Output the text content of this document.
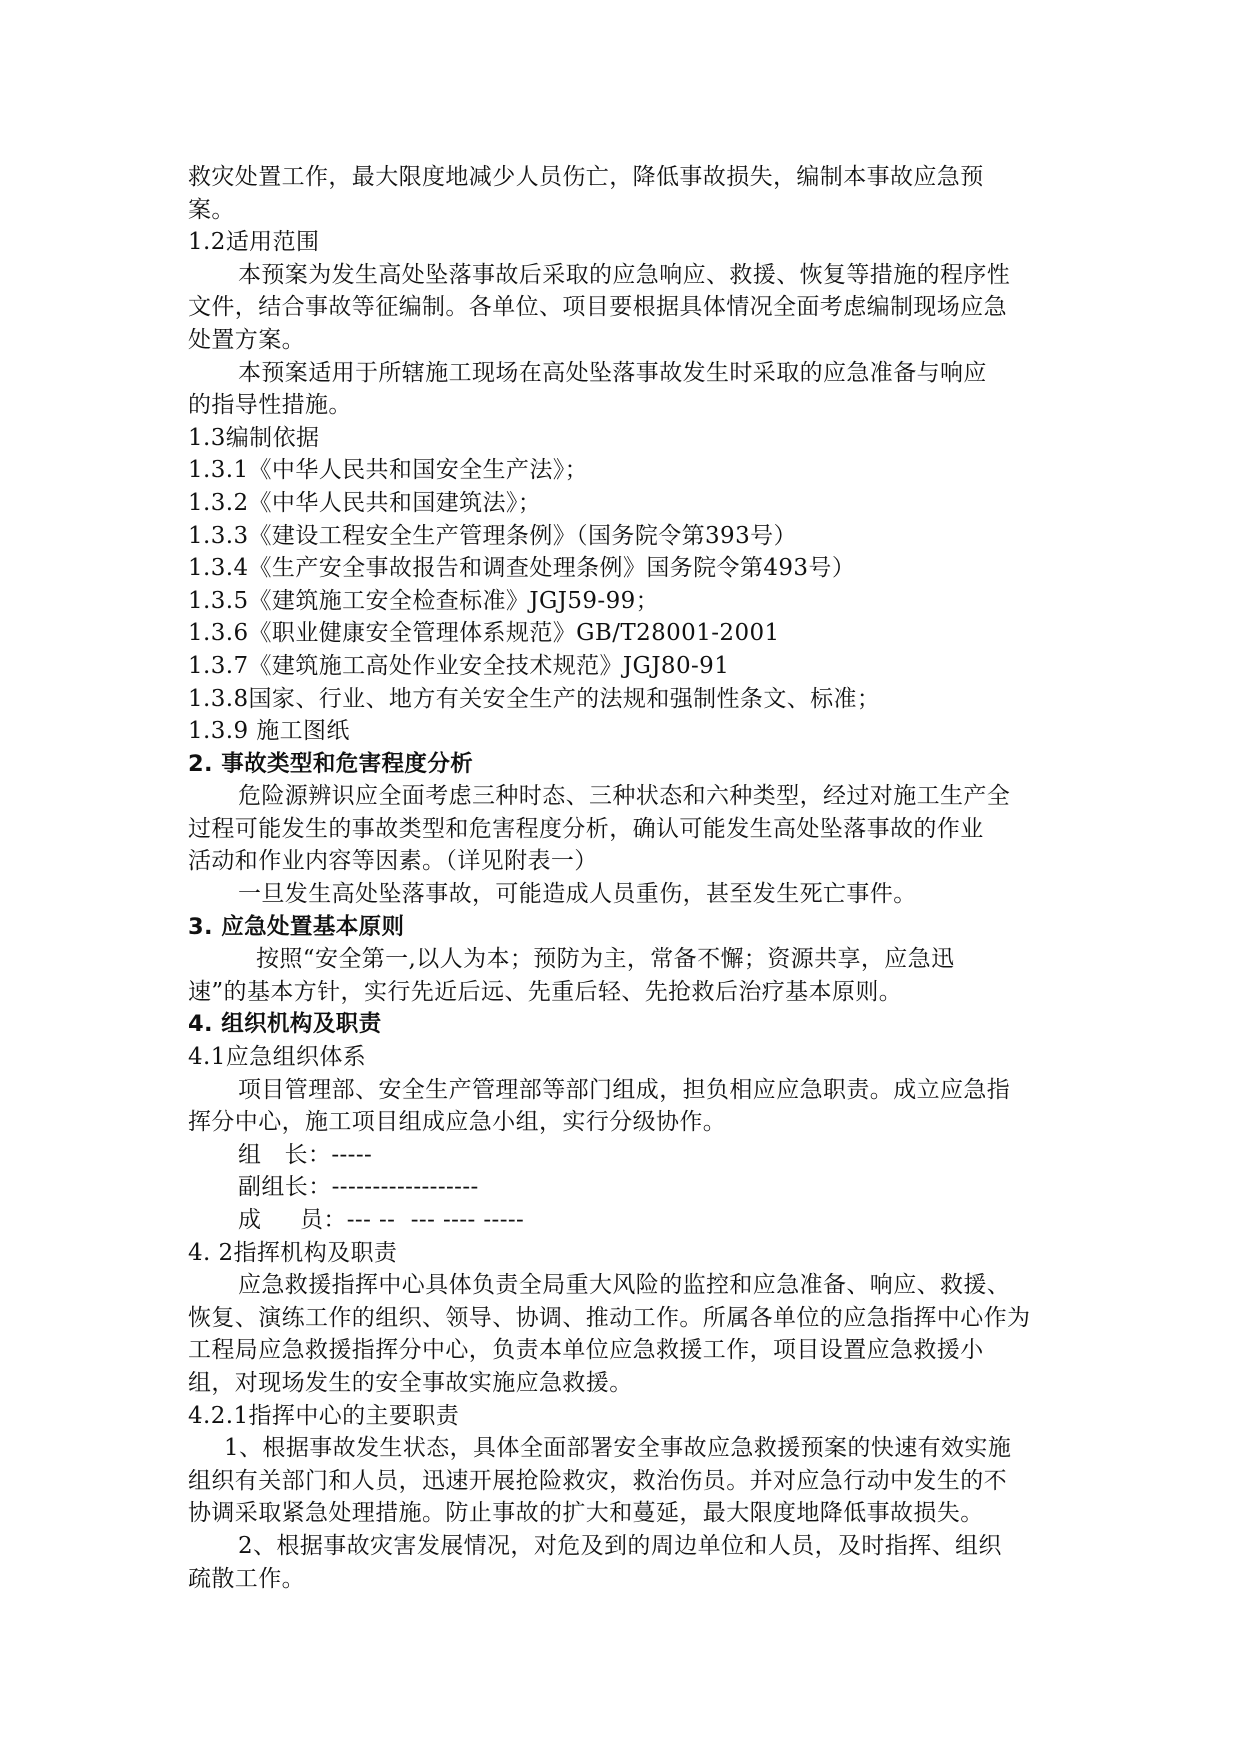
救灾处置工作，最大限度地减少人员伤亡，降低事故损失，编制本事故应急预
案。
1.2适用范围
本预案为发生高处坠落事故后采取的应急响应、救援、恢复等措施的程序性
文件，结合事故等征编制。各单位、项目要根据具体情况全面考虑编制现场应急
处置方案。
本预案适用于所辖施工现场在高处坠落事故发生时采取的应急准备与响应
的指导性措施。
1.3编制依据
1.3.1《中华人民共和国安全生产法》；
1.3.2《中华人民共和国建筑法》；
1.3.3《建设工程安全生产管理条例》（国务院令第393号）
1.3.4《生产安全事故报告和调查处理条例》国务院令第493号）
1.3.5《建筑施工安全检查标准》JGJ59-99；
1.3.6《职业健康安全管理体系规范》GB/T28001-2001
1.3.7《建筑施工高处作业安全技术规范》JGJ80-91
1.3.8国家、行业、地方有关安全生产的法规和强制性条文、标准；
1.3.9 施工图纸
2. 事故类型和危害程度分析
危险源辨识应全面考虑三种时态、三种状态和六种类型，经过对施工生产全
过程可能发生的事故类型和危害程度分析，确认可能发生高处坠落事故的作业
活动和作业内容等因素。（详见附表一）
一旦发生高处坠落事故，可能造成人员重伤，甚至发生死亡事件。
3. 应急处置基本原则
按照“安全第一,以人为本；预防为主，常备不懈；资源共享，应急迅
速”的基本方针，实行先近后远、先重后轻、先抢救后治疗基本原则。
4. 组织机构及职责
4.1应急组织体系
项目管理部、安全生产管理部等部门组成，担负相应应急职责。成立应急指
挥分中心，施工项目组成应急小组，实行分级协作。
组   长：-----
副组长：------------------
成     员：--- --  --- ---- -----
4. 2指挥机构及职责
应急救援指挥中心具体负责全局重大风险的监控和应急准备、响应、救援、
恢复、演练工作的组织、领导、协调、推动工作。所属各单位的应急指挥中心作为
工程局应急救援指挥分中心，负责本单位应急救援工作，项目设置应急救援小
组，对现场发生的安全事故实施应急救援。
4.2.1指挥中心的主要职责
1、根据事故发生状态，具体全面部署安全事故应急救援预案的快速有效实施
组织有关部门和人员，迅速开展抢险救灾，救治伤员。并对应急行动中发生的不
协调采取紧急处理措施。防止事故的扩大和蔓延，最大限度地降低事故损失。
2、根据事故灾害发展情况，对危及到的周边单位和人员，及时指挥、组织
疏散工作。
